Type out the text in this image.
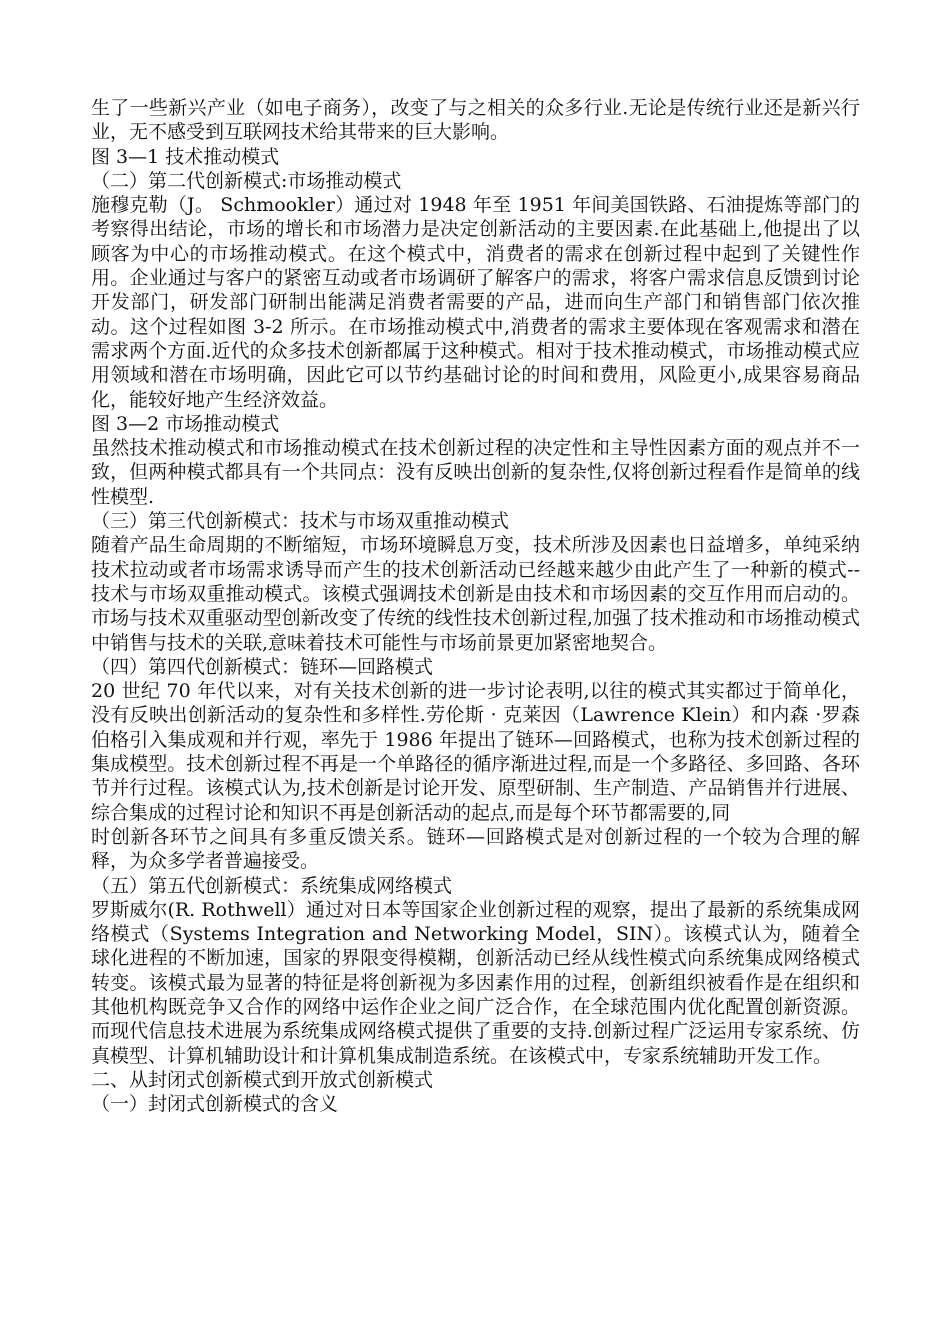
生了一些新兴产业（如电子商务），改变了与之相关的众多行业.无论是传统行业还是新兴行业，无不感受到互联网技术给其带来的巨大影响。

图 3—1 技术推动模式

（二）第二代创新模式:市场推动模式

施穆克勒（J。 Schmookler）通过对 1948 年至 1951 年间美国铁路、石油提炼等部门的考察得出结论，市场的增长和市场潜力是决定创新活动的主要因素.在此基础上,他提出了以顾客为中心的市场推动模式。在这个模式中，消费者的需求在创新过程中起到了关键性作用。企业通过与客户的紧密互动或者市场调研了解客户的需求，将客户需求信息反馈到讨论开发部门，研发部门研制出能满足消费者需要的产品，进而向生产部门和销售部门依次推动。这个过程如图 3-2 所示。在市场推动模式中,消费者的需求主要体现在客观需求和潜在需求两个方面.近代的众多技术创新都属于这种模式。相对于技术推动模式，市场推动模式应用领域和潜在市场明确，因此它可以节约基础讨论的时间和费用，风险更小,成果容易商品化，能较好地产生经济效益。

图 3—2 市场推动模式

虽然技术推动模式和市场推动模式在技术创新过程的决定性和主导性因素方面的观点并不一致，但两种模式都具有一个共同点：没有反映出创新的复杂性,仅将创新过程看作是简单的线性模型.

（三）第三代创新模式：技术与市场双重推动模式

随着产品生命周期的不断缩短，市场环境瞬息万变，技术所涉及因素也日益增多，单纯采纳技术拉动或者市场需求诱导而产生的技术创新活动已经越来越少由此产生了一种新的模式--技术与市场双重推动模式。该模式强调技术创新是由技术和市场因素的交互作用而启动的。市场与技术双重驱动型创新改变了传统的线性技术创新过程,加强了技术推动和市场推动模式中销售与技术的关联,意味着技术可能性与市场前景更加紧密地契合。

（四）第四代创新模式：链环—回路模式

20 世纪 70 年代以来，对有关技术创新的进一步讨论表明,以往的模式其实都过于简单化，没有反映出创新活动的复杂性和多样性.劳伦斯 · 克莱因（Lawrence Klein）和内森 ·罗森伯格引入集成观和并行观，率先于 1986 年提出了链环—回路模式，也称为技术创新过程的集成模型。技术创新过程不再是一个单路径的循序渐进过程,而是一个多路径、多回路、各环节并行过程。该模式认为,技术创新是讨论开发、原型研制、生产制造、产品销售并行进展、综合集成的过程讨论和知识不再是创新活动的起点,而是每个环节都需要的,同

时创新各环节之间具有多重反馈关系。链环—回路模式是对创新过程的一个较为合理的解释，为众多学者普遍接受。

（五）第五代创新模式：系统集成网络模式

罗斯威尔(R. Rothwell）通过对日本等国家企业创新过程的观察，提出了最新的系统集成网络模式（Systems Integration and Networking Model，SIN）。该模式认为，随着全球化进程的不断加速，国家的界限变得模糊，创新活动已经从线性模式向系统集成网络模式转变。该模式最为显著的特征是将创新视为多因素作用的过程，创新组织被看作是在组织和其他机构既竞争又合作的网络中运作企业之间广泛合作，在全球范围内优化配置创新资源。而现代信息技术进展为系统集成网络模式提供了重要的支持.创新过程广泛运用专家系统、仿真模型、计算机辅助设计和计算机集成制造系统。在该模式中，专家系统辅助开发工作。

二、从封闭式创新模式到开放式创新模式

（一）封闭式创新模式的含义
